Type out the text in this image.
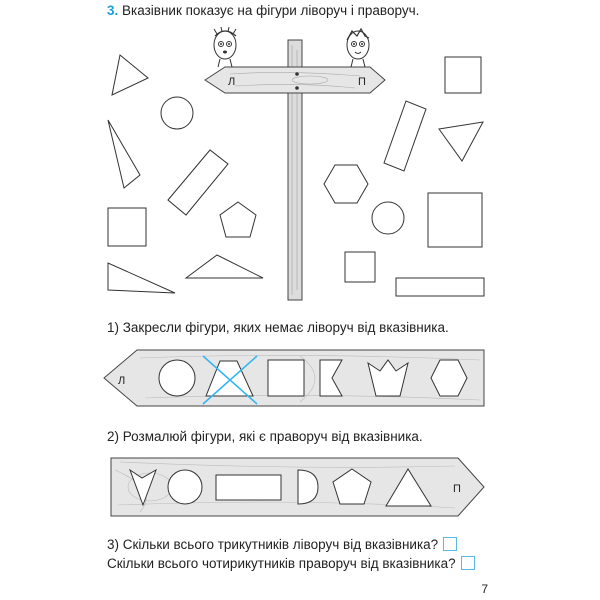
Л	П
Л
П
3. Вказівник показує на фігури ліворуч і праворуч.
1) Закресли фігури, яких немає ліворуч від вказівника.
2) Розмалюй фігури, які є праворуч від вказівника.
3) Скільки всього трикутників ліворуч від вказівника?
Скільки всього чотирикутників праворуч від вказівника?
7
